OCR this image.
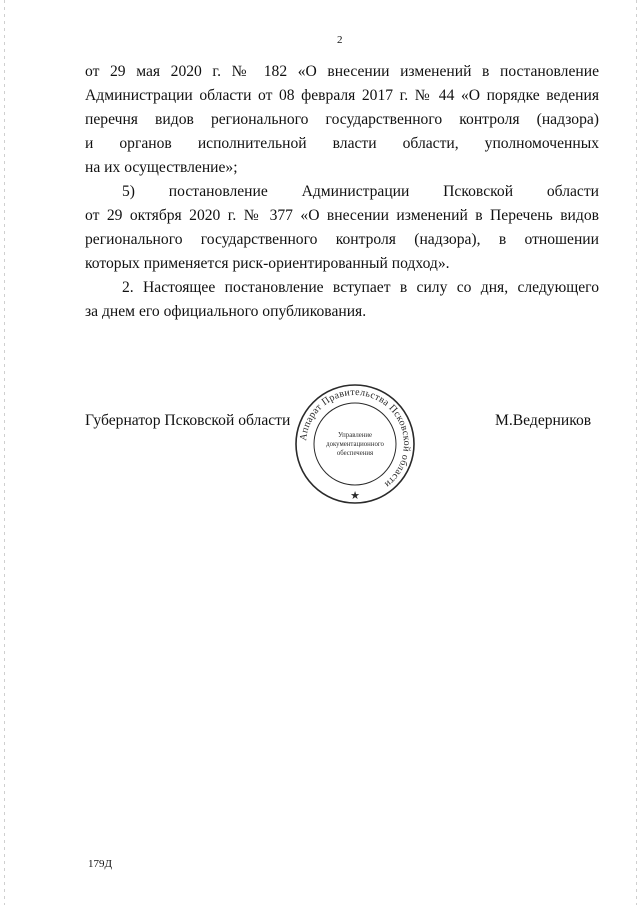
2
от 29 мая 2020 г. № 182 «О внесении изменений в постановление
Администрации области от 08 февраля 2017 г. № 44 «О порядке ведения
перечня видов регионального государственного контроля (надзора)
и органов исполнительной власти области, уполномоченных
на их осуществление»;
5) постановление Администрации Псковской области
от 29 октября 2020 г. № 377 «О внесении изменений в Перечень видов
регионального государственного контроля (надзора), в отношении
которых применяется риск-ориентированный подход».
2. Настоящее постановление вступает в силу со дня, следующего
за днем его официального опубликования.
Губернатор Псковской области	М.Ведерников
Аппарат Правительства Псковской области
Управление
документационного
обеспечения
★
179Д
